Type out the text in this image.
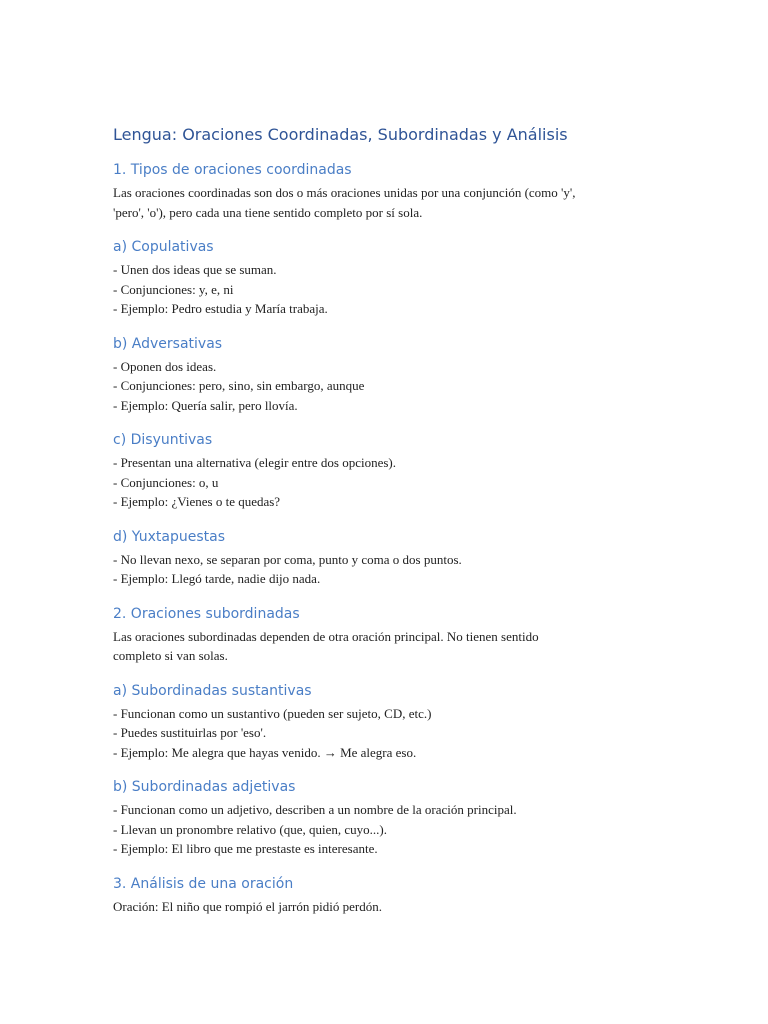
Lengua: Oraciones Coordinadas, Subordinadas y Análisis
1. Tipos de oraciones coordinadas

Las oraciones coordinadas son dos o más oraciones unidas por una conjunción (como 'y',

'pero', 'o'), pero cada una tiene sentido completo por sí sola.

a) Copulativas

- Unen dos ideas que se suman.

- Conjunciones: y, e, ni

- Ejemplo: Pedro estudia y María trabaja.

b) Adversativas

- Oponen dos ideas.

- Conjunciones: pero, sino, sin embargo, aunque

- Ejemplo: Quería salir, pero llovía.

c) Disyuntivas

- Presentan una alternativa (elegir entre dos opciones).

- Conjunciones: o, u

- Ejemplo: ¿Vienes o te quedas?

d) Yuxtapuestas

- No llevan nexo, se separan por coma, punto y coma o dos puntos.

- Ejemplo: Llegó tarde, nadie dijo nada.

2. Oraciones subordinadas

Las oraciones subordinadas dependen de otra oración principal. No tienen sentido

completo si van solas.

a) Subordinadas sustantivas

- Funcionan como un sustantivo (pueden ser sujeto, CD, etc.)

- Puedes sustituirlas por 'eso'.

- Ejemplo: Me alegra que hayas venido. → Me alegra eso.

b) Subordinadas adjetivas

- Funcionan como un adjetivo, describen a un nombre de la oración principal.

- Llevan un pronombre relativo (que, quien, cuyo...).

- Ejemplo: El libro que me prestaste es interesante.

3. Análisis de una oración

Oración: El niño que rompió el jarrón pidió perdón.
